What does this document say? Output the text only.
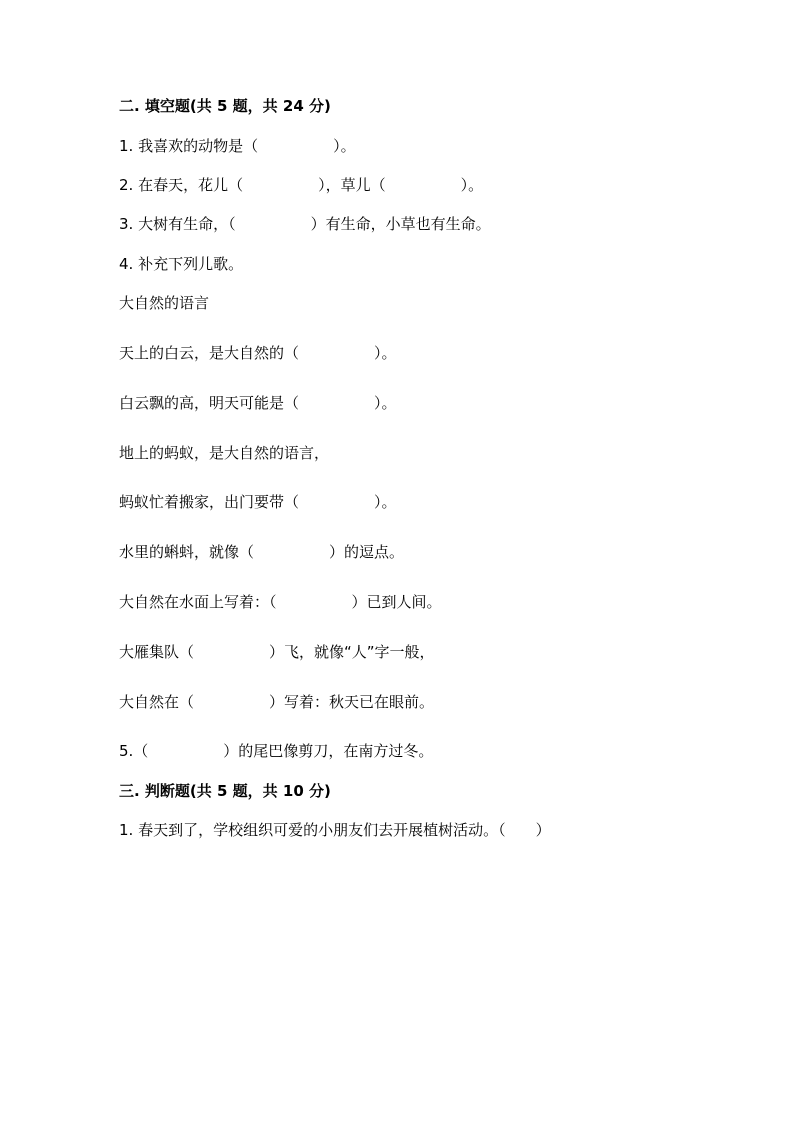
二. 填空题(共 5 题，共 24 分)
1. 我喜欢的动物是（　　　　　）。
2. 在春天，花儿（　　　　　），草儿（　　　　　）。
3. 大树有生命，（　　　　　）有生命，小草也有生命。
4. 补充下列儿歌。
大自然的语言
天上的白云，是大自然的（　　　　　）。
白云飘的高，明天可能是（　　　　　）。
地上的蚂蚁，是大自然的语言，
蚂蚁忙着搬家，出门要带（　　　　　）。
水里的蝌蚪，就像（　　　　　）的逗点。
大自然在水面上写着：（　　　　　）已到人间。
大雁集队（　　　　　）飞，就像“人”字一般，
大自然在（　　　　　）写着：秋天已在眼前。
5.（　　　　　）的尾巴像剪刀，在南方过冬。
三. 判断题(共 5 题，共 10 分)
1. 春天到了，学校组织可爱的小朋友们去开展植树活动。（　　）
